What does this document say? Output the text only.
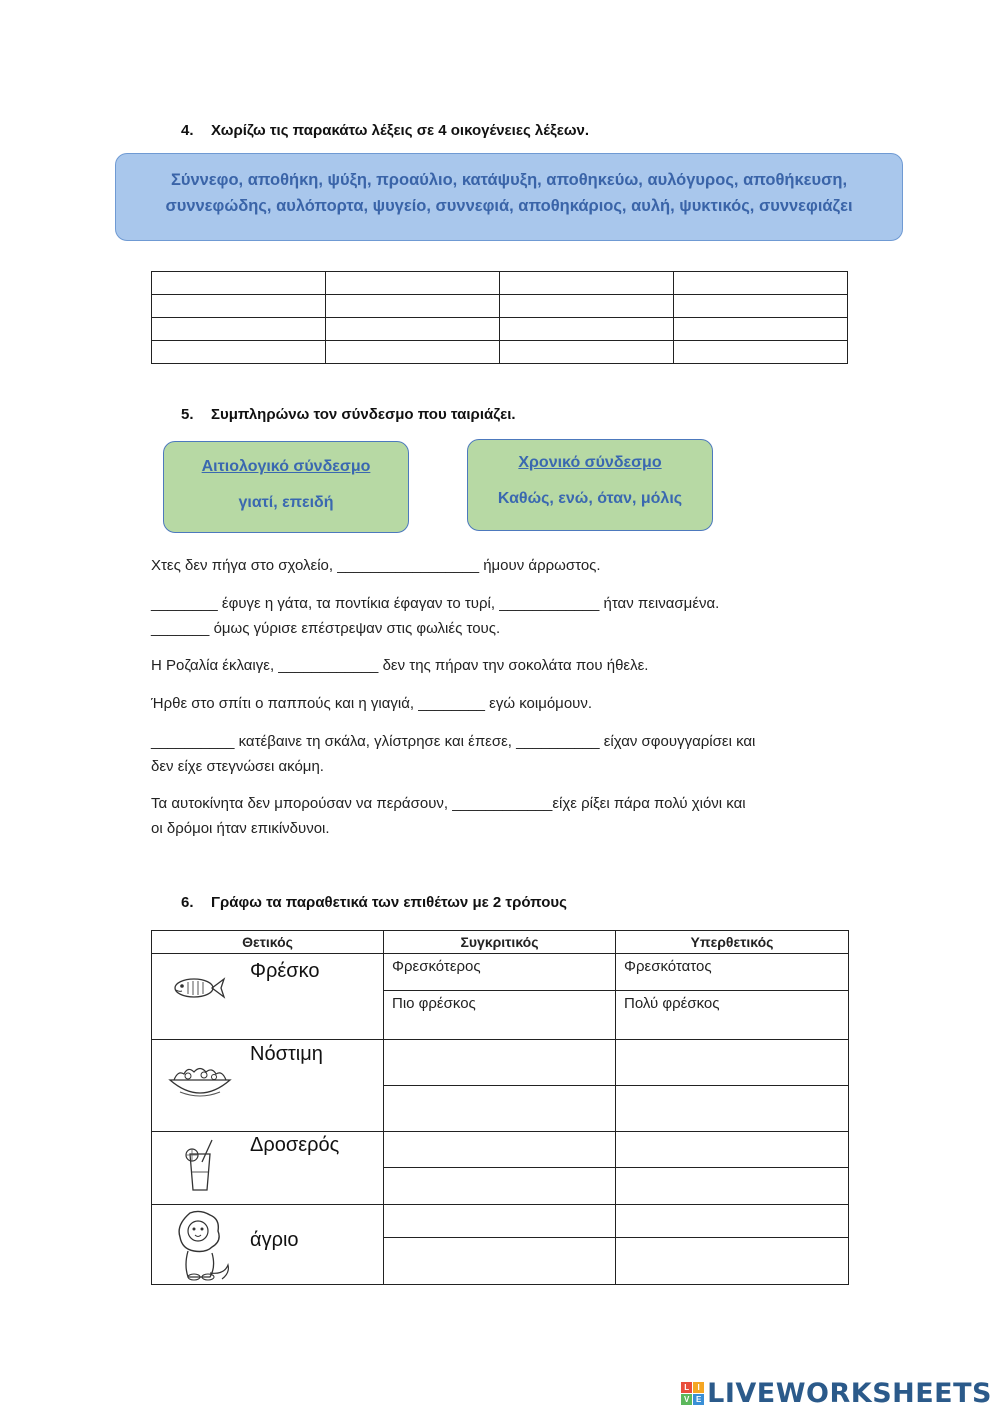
4. Χωρίζω τις παρακάτω λέξεις σε 4 οικογένειες λέξεων.
Σύννεφο, αποθήκη, ψύξη, προαύλιο, κατάψυξη, αποθηκεύω, αυλόγυρος, αποθήκευση,
συννεφώδης, αυλόπορτα, ψυγείο, συννεφιά, αποθηκάριος, αυλή, ψυκτικός, συννεφιάζει

5. Συμπληρώνω τον σύνδεσμο που ταιριάζει.
Αιτιολογικό σύνδεσμο
γιατί, επειδή
Χρονικό σύνδεσμο
Καθώς, ενώ, όταν, μόλις
Χτες δεν πήγα στο σχολείο, _________________ ήμουν άρρωστος.
________ έφυγε η γάτα, τα ποντίκια έφαγαν το τυρί, ____________ ήταν πεινασμένα.
_______ όμως γύρισε επέστρεψαν στις φωλιές τους.
Η Ροζαλία έκλαιγε, ____________ δεν της πήραν την σοκολάτα που ήθελε.
Ήρθε στο σπίτι ο παππούς και η γιαγιά, ________ εγώ κοιμόμουν.
__________ κατέβαινε τη σκάλα, γλίστρησε και έπεσε, __________ είχαν σφουγγαρίσει και
δεν είχε στεγνώσει ακόμη.
Τα αυτοκίνητα δεν μπορούσαν να περάσουν, ____________είχε ρίξει πάρα πολύ χιόνι και
οι δρόμοι ήταν επικίνδυνοι.
6. Γράφω τα παραθετικά των επιθέτων με 2 τρόπους
Θετικός	Συγκριτικός	Υπερθετικός

Φρέσκο	Φρεσκότερος	Φρεσκότατος
	Πιο φρέσκος	Πολύ φρέσκος

Νόστιμη		

Δροσερός		

άγριο		

L	I
V E LIVEWORKSHEETS
